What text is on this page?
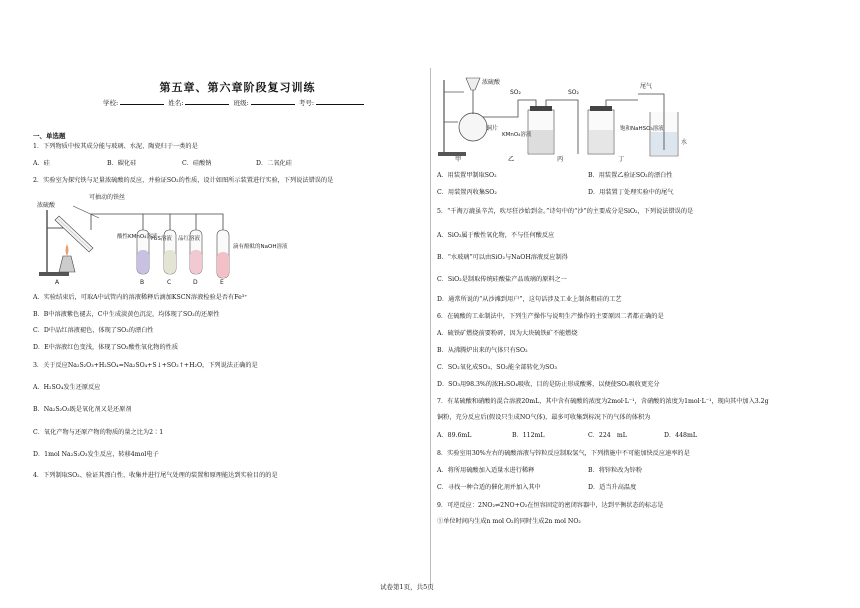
第五章、第六章阶段复习训练
学校:	姓名:	班级:	考号:
一、单选题
1．下列物质中按其成分能与玻璃、水泥、陶瓷归于一类的是
A．硅	B．碳化硅	C．硅酸钠	D．二氧化硅
2．实验室为探究铁与足量浓硫酸的反应，并验证SO₂的性质，设计如图所示装置进行实验，下列说法错误的是
浓硫酸
可抽动的铁丝
酸性KMnO₄溶液
H₂S溶液 品红溶液
滴有酚酞的NaOH溶液
A	B	C	D	E
A．实验结束后，可取A中试管内的溶液稀释后滴加KSCN溶液检验是否有Fe³⁺
B．B中溶液紫色褪去，C中生成淡黄色沉淀，均体现了SO₂的还原性
C．D中品红溶液褪色，体现了SO₂的漂白性
D．E中溶液红色变浅，体现了SO₂酸性氧化物的性质
3．关于反应Na₂S₂O₃+H₂SO₄=Na₂SO₄+S↓+SO₂↑+H₂O，下列说法正确的是
A．H₂SO₄发生还原反应
B．Na₂S₂O₃既是氧化剂又是还原剂
C．氧化产物与还原产物的物质的量之比为2∶1
D．1mol Na₂S₂O₃发生反应，转移4mol电子
4．下列制取SO₂、验证其漂白性、收集并进行尾气处理的装置和原理能达到实验目的的是
浓硫酸
铜片
SO₂
KMnO₄溶液
SO₂
饱和NaHSO₃溶液
尾气
水
甲	乙	丙	丁
A．用装置甲制取SO₂	B．用装置乙验证SO₂的漂白性
C．用装置丙收集SO₂	D．用装置丁处理实验中的尾气
5．“千淘万漉虽辛苦，吹尽狂沙始到金。”诗句中的“沙”的主要成分是SiO₂，下列说法错误的是
A．SiO₂属于酸性氧化物，不与任何酸反应
B．“水玻璃”可以由SiO₂与NaOH溶液反应制得
C．SiO₂是制取传统硅酸盐产品玻璃的原料之一
D．通常所说的“从沙滩到用户”，这句话涉及工业上制备粗硅的工艺
6．在硫酸的工业制法中，下列生产操作与说明生产操作的主要原因二者都正确的是
A．硫铁矿燃烧前要粉碎，因为大块硫铁矿不能燃烧
B．从沸腾炉出来的气体只有SO₂
C．SO₂氧化成SO₃，SO₂能全部转化为SO₃
D．SO₃用98.3%的浓H₂SO₄吸收，目的是防止形成酸雾，以便使SO₃吸收更充分
7．有某硫酸和硝酸的混合溶液20mL，其中含有硫酸的浓度为2mol·L⁻¹，含硝酸的浓度为1mol·L⁻¹，现向其中加入3.2g
铜粉，充分反应后(假设只生成NO气体)，最多可收集到标况下的气体的体积为
A．89.6mL	B．112mL	C．224　mL	D．448mL
8．实验室用30%左右的硫酸溶液与锌粒反应制取氢气，下列措施中不可能加快反应速率的是
A．将所用硫酸加入适量水进行稀释	B．将锌粒改为锌粉
C．寻找一种合适的催化剂并加入其中	D．适当升高温度
9．可逆反应：2NO₂⇌2NO+O₂在恒容固定的密闭容器中，达到平衡状态的标志是
①单位时间内生成n mol O₂的同时生成2n mol NO₂
试卷第1页，共5页
